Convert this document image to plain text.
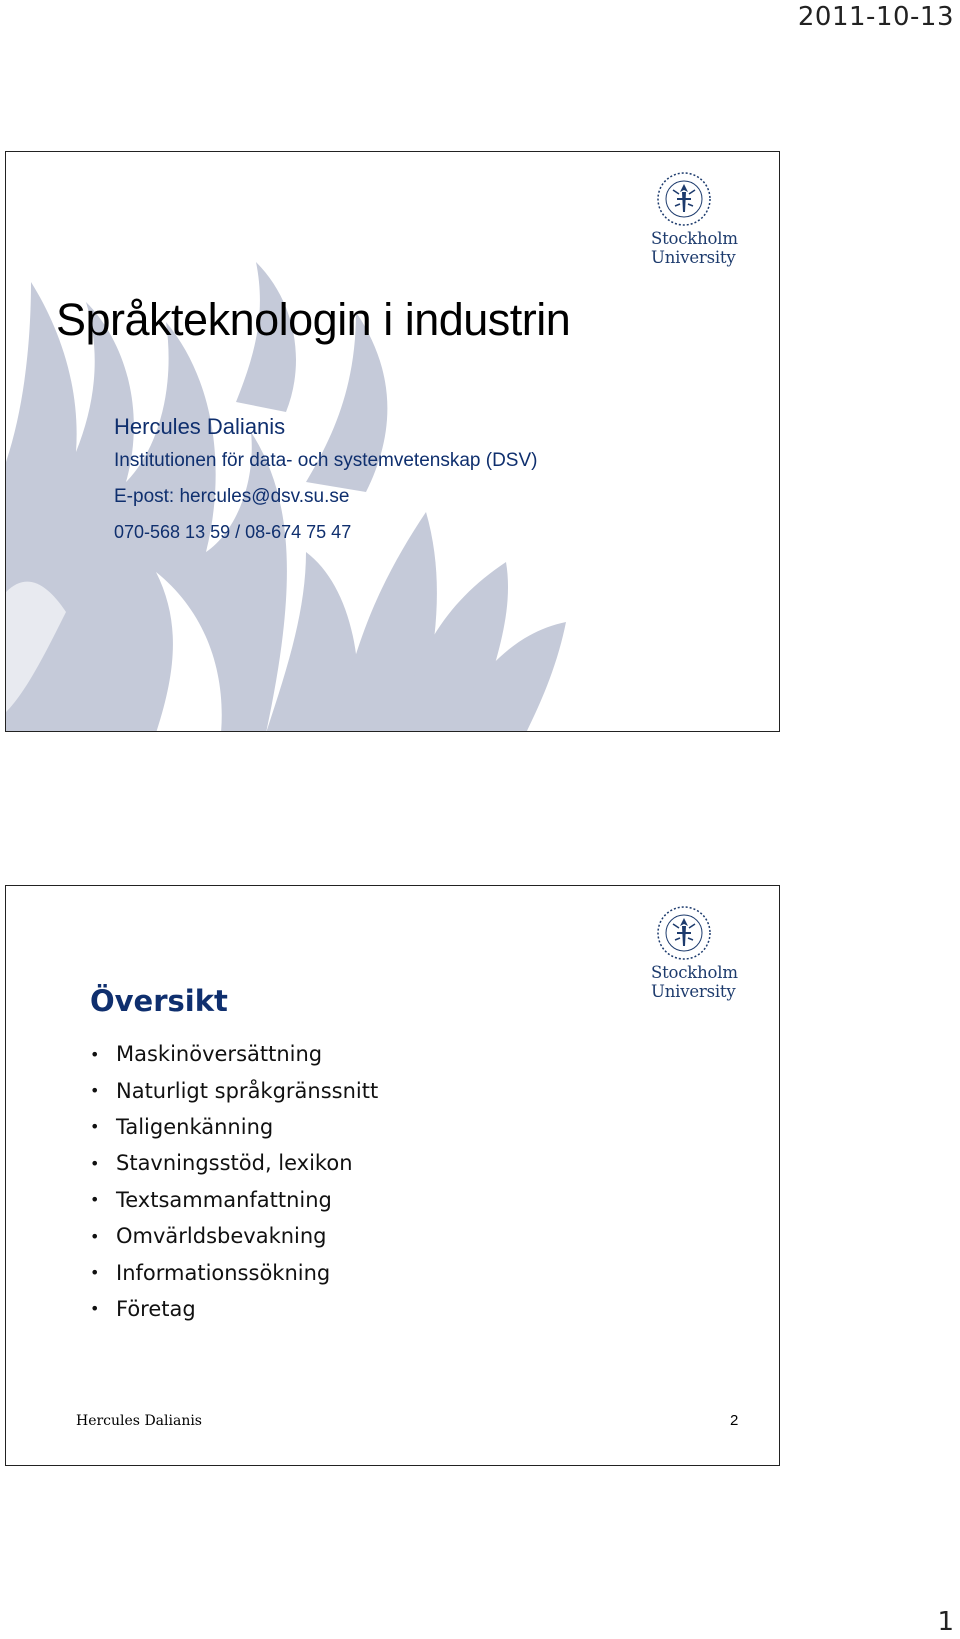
2011-10-13
Stockholm
University
Språkteknologin i industrin
Hercules Dalianis
Institutionen för data- och systemvetenskap (DSV)
E-post: hercules@dsv.su.se
070-568 13 59 / 08-674 75 47
Stockholm
University
Översikt
• Maskinöversättning
• Naturligt språkgränssnitt
• Taligenkänning
• Stavningsstöd, lexikon
• Textsammanfattning
• Omvärldsbevakning
• Informationssökning
• Företag
Hercules Dalianis	2
1
